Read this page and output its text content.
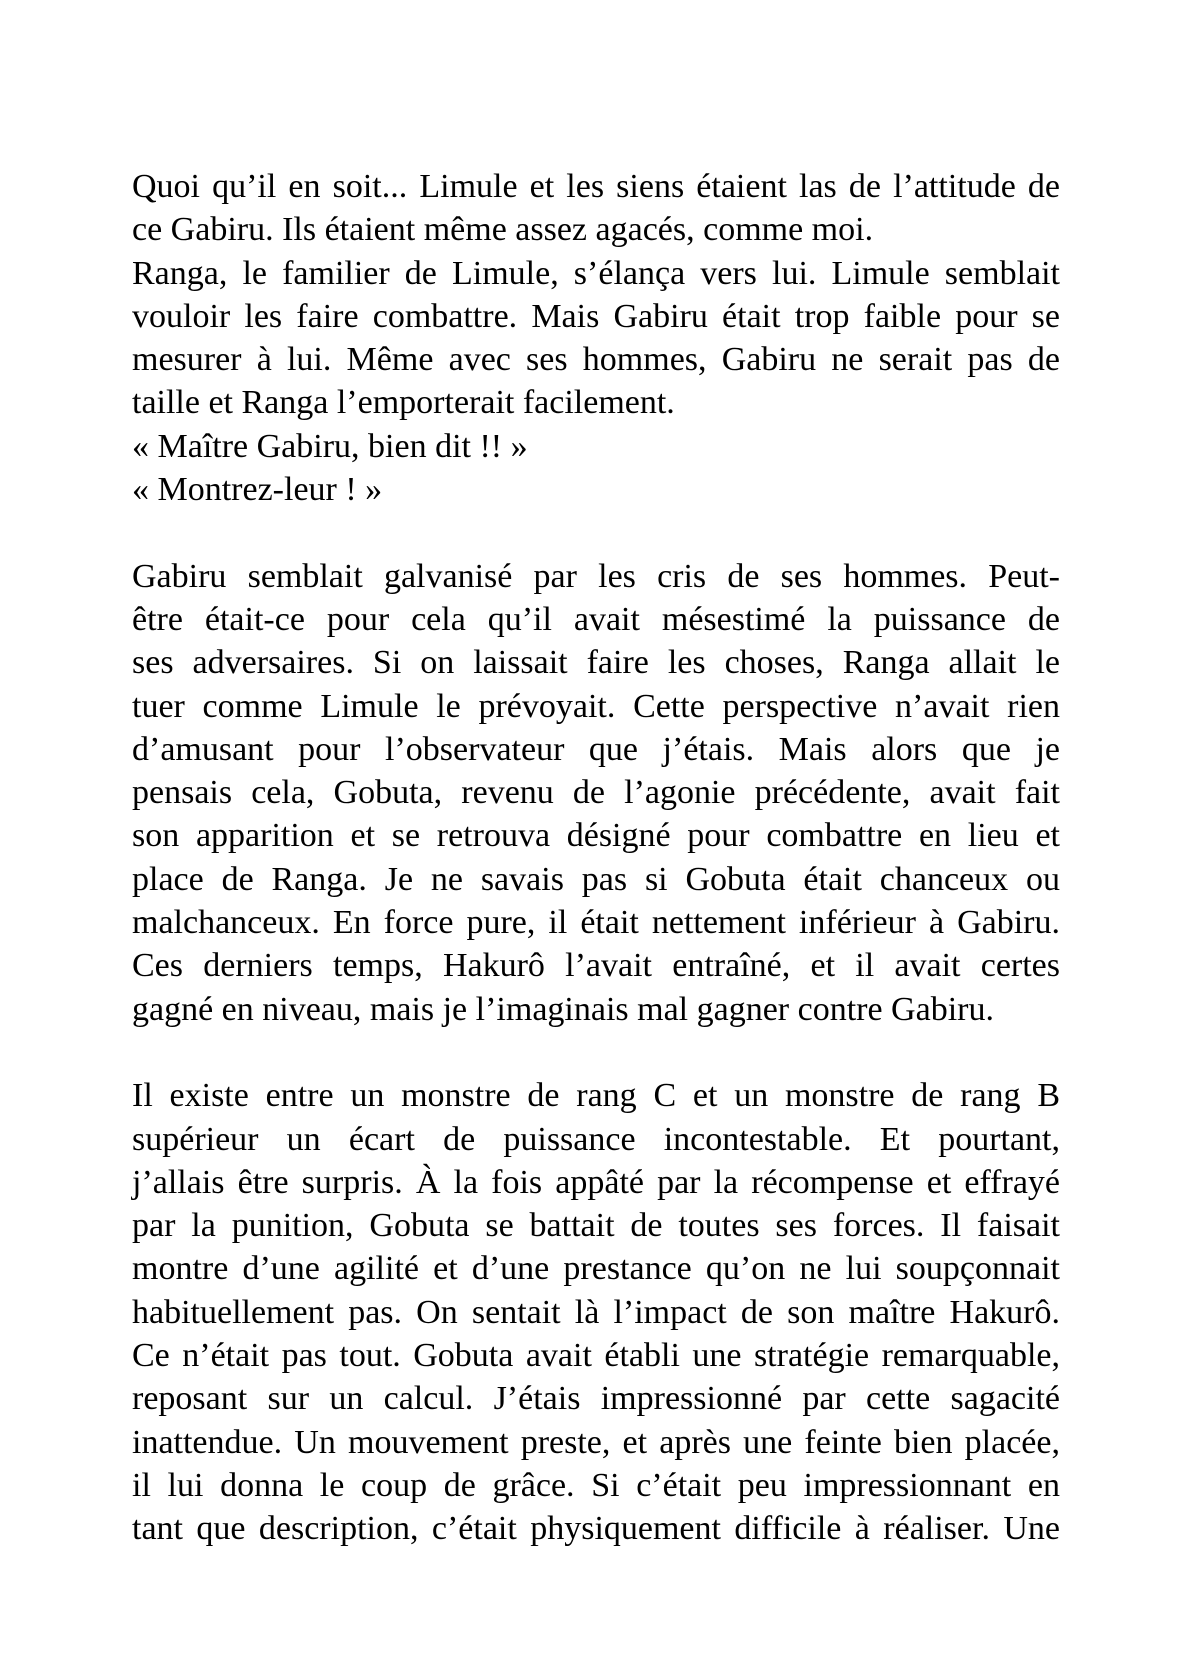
Quoi qu’il en soit... Limule et les siens étaient las de l’attitude de
ce Gabiru. Ils étaient même assez agacés, comme moi.
Ranga, le familier de Limule, s’élança vers lui. Limule semblait
vouloir les faire combattre. Mais Gabiru était trop faible pour se
mesurer à lui. Même avec ses hommes, Gabiru ne serait pas de
taille et Ranga l’emporterait facilement.
« Maître Gabiru, bien dit !! »
« Montrez-leur ! »
Gabiru semblait galvanisé par les cris de ses hommes. Peut-
être était-ce pour cela qu’il avait mésestimé la puissance de
ses adversaires. Si on laissait faire les choses, Ranga allait le
tuer comme Limule le prévoyait. Cette perspective n’avait rien
d’amusant pour l’observateur que j’étais. Mais alors que je
pensais cela, Gobuta, revenu de l’agonie précédente, avait fait
son apparition et se retrouva désigné pour combattre en lieu et
place de Ranga. Je ne savais pas si Gobuta était chanceux ou
malchanceux. En force pure, il était nettement inférieur à Gabiru.
Ces derniers temps, Hakurô l’avait entraîné, et il avait certes
gagné en niveau, mais je l’imaginais mal gagner contre Gabiru.
Il existe entre un monstre de rang C et un monstre de rang B
supérieur un écart de puissance incontestable. Et pourtant,
j’allais être surpris. À la fois appâté par la récompense et effrayé
par la punition, Gobuta se battait de toutes ses forces. Il faisait
montre d’une agilité et d’une prestance qu’on ne lui soupçonnait
habituellement pas. On sentait là l’impact de son maître Hakurô.
Ce n’était pas tout. Gobuta avait établi une stratégie remarquable,
reposant sur un calcul. J’étais impressionné par cette sagacité
inattendue. Un mouvement preste, et après une feinte bien placée,
il lui donna le coup de grâce. Si c’était peu impressionnant en
tant que description, c’était physiquement difficile à réaliser. Une
